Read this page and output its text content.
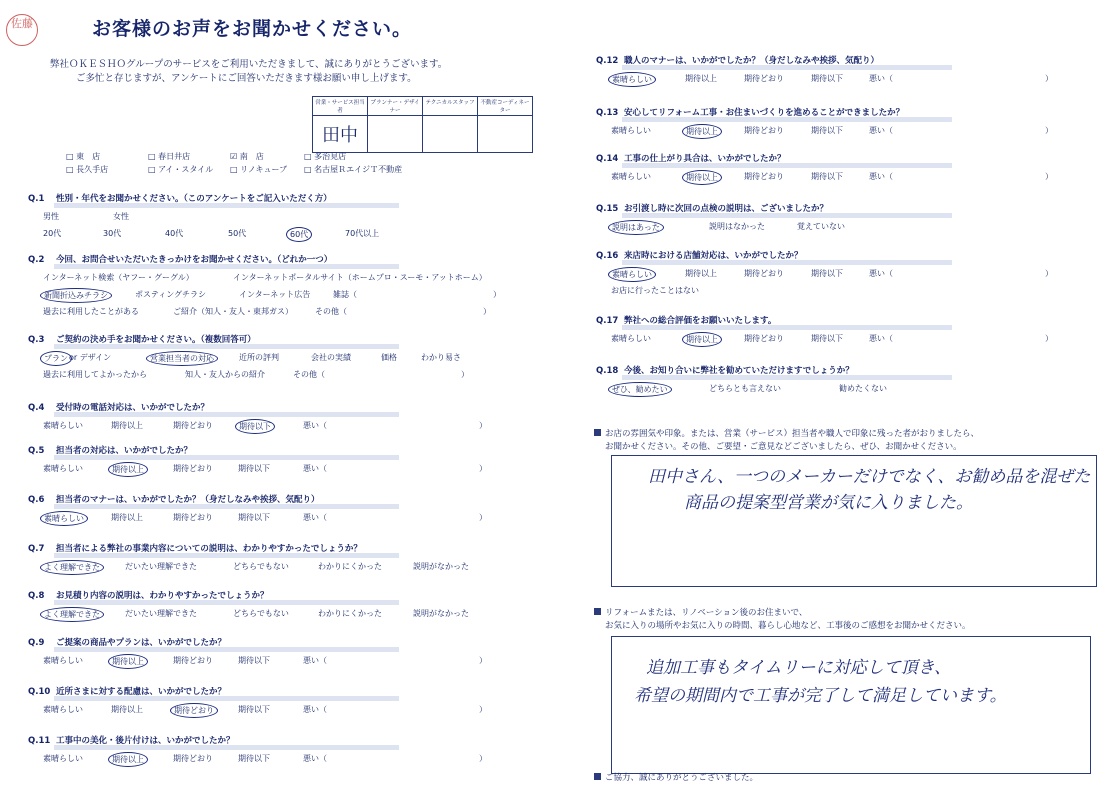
佐藤	お客様のお声をお聞かせください。
弊社ＯＫＥＳＨＯグループのサービスをご利用いただきまして、誠にありがとうございます。
ご多忙と存じますが、アンケートにご回答いただきます様お願い申し上げます。
営業・サービス担当者	プランナー・デザイナー	テクニカルスタッフ	不動産コーディネーター
田中			
□ 東　店	□ 春日井店	☑ 南　店	□ 多治見店
□ 長久手店	□ アイ・スタイル □ リノキューブ □ 名古屋ＲエイジＴ不動産
Q.1 性別・年代をお聞かせください。（このアンケートをご記入いただく方）
男性	女性
20代	30代	40代	50代	60代	70代以上
Q.2 今回、お問合せいただいたきっかけをお聞かせください。（どれか一つ）
インターネット検索（ヤフー・グーグル）	インターネットポータルサイト（ホームプロ・スーモ・アットホーム）
新聞折込みチラシ	ポスティングチラシ	インターネット広告	雑誌（　　　　　　　　　　　　　　　　　）
過去に利用したことがある	ご紹介（知人・友人・東邦ガス）	その他（　　　　　　　　　　　　　　　　　）
Q.3 ご契約の決め手をお聞かせください。（複数回答可）
プラン or デザイン	営業担当者の対応	近所の評判	会社の実績	価格	わかり易さ
過去に利用してよかったから	知人・友人からの紹介	その他（　　　　　　　　　　　　　　　　　）
Q.4 受付時の電話対応は、いかがでしたか？
素晴らしい	期待以上	期待どおり	期待以下	悪い（　　　　　　　　　　　　　　　　　　　）
Q.5 担当者の対応は、いかがでしたか？
素晴らしい	期待以上	期待どおり	期待以下	悪い（　　　　　　　　　　　　　　　　　　　）
Q.6 担当者のマナーは、いかがでしたか？（身だしなみや挨拶、気配り）
素晴らしい	期待以上	期待どおり	期待以下	悪い（　　　　　　　　　　　　　　　　　　　）
Q.7 担当者による弊社の事業内容についての説明は、わかりやすかったでしょうか？
よく理解できた	だいたい理解できた	どちらでもない	わかりにくかった	説明がなかった
Q.8 お見積り内容の説明は、わかりやすかったでしょうか？
よく理解できた	だいたい理解できた	どちらでもない	わかりにくかった	説明がなかった
Q.9 ご提案の商品やプランは、いかがでしたか？
素晴らしい	期待以上	期待どおり	期待以下	悪い（　　　　　　　　　　　　　　　　　　　）
Q.10 近所さまに対する配慮は、いかがでしたか？
素晴らしい	期待以上	期待どおり	期待以下	悪い（　　　　　　　　　　　　　　　　　　　）
Q.11 工事中の美化・後片付けは、いかがでしたか？
素晴らしい	期待以上	期待どおり	期待以下	悪い（　　　　　　　　　　　　　　　　　　　）
Q.12 職人のマナーは、いかがでしたか？（身だしなみや挨拶、気配り）
素晴らしい	期待以上	期待どおり	期待以下	悪い（　　　　　　　　　　　　　　　　　　　）
Q.13 安心してリフォーム工事・お住まいづくりを進めることができましたか？
素晴らしい	期待以上	期待どおり	期待以下	悪い（　　　　　　　　　　　　　　　　　　　）
Q.14 工事の仕上がり具合は、いかがでしたか？
素晴らしい	期待以上	期待どおり	期待以下	悪い（　　　　　　　　　　　　　　　　　　　）
Q.15 お引渡し時に次回の点検の説明は、ございましたか？
説明はあった	説明はなかった	覚えていない
Q.16 来店時における店舗対応は、いかがでしたか？
素晴らしい	期待以上	期待どおり	期待以下	悪い（　　　　　　　　　　　　　　　　　　　）
お店に行ったことはない
Q.17 弊社への総合評価をお願いいたします。
素晴らしい	期待以上	期待どおり	期待以下	悪い（　　　　　　　　　　　　　　　　　　　）
Q.18 今後、お知り合いに弊社を勧めていただけますでしょうか？
ぜひ、勧めたい	どちらとも言えない	勧めたくない
お店の雰囲気や印象。または、営業（サービス）担当者や職人で印象に残った者がおりましたら、
お聞かせください。その他、ご要望・ご意見などございましたら、ぜひ、お聞かせください。
田中さん、一つのメーカーだけでなく、お勧め品を混ぜた
商品の提案型営業が気に入りました。
リフォームまたは、リノベーション後のお住まいで、
お気に入りの場所やお気に入りの時間、暮らし心地など、工事後のご感想をお聞かせください。
追加工事もタイムリーに対応して頂き、
希望の期間内で工事が完了して満足しています。
ご協力、誠にありがとうございました。
